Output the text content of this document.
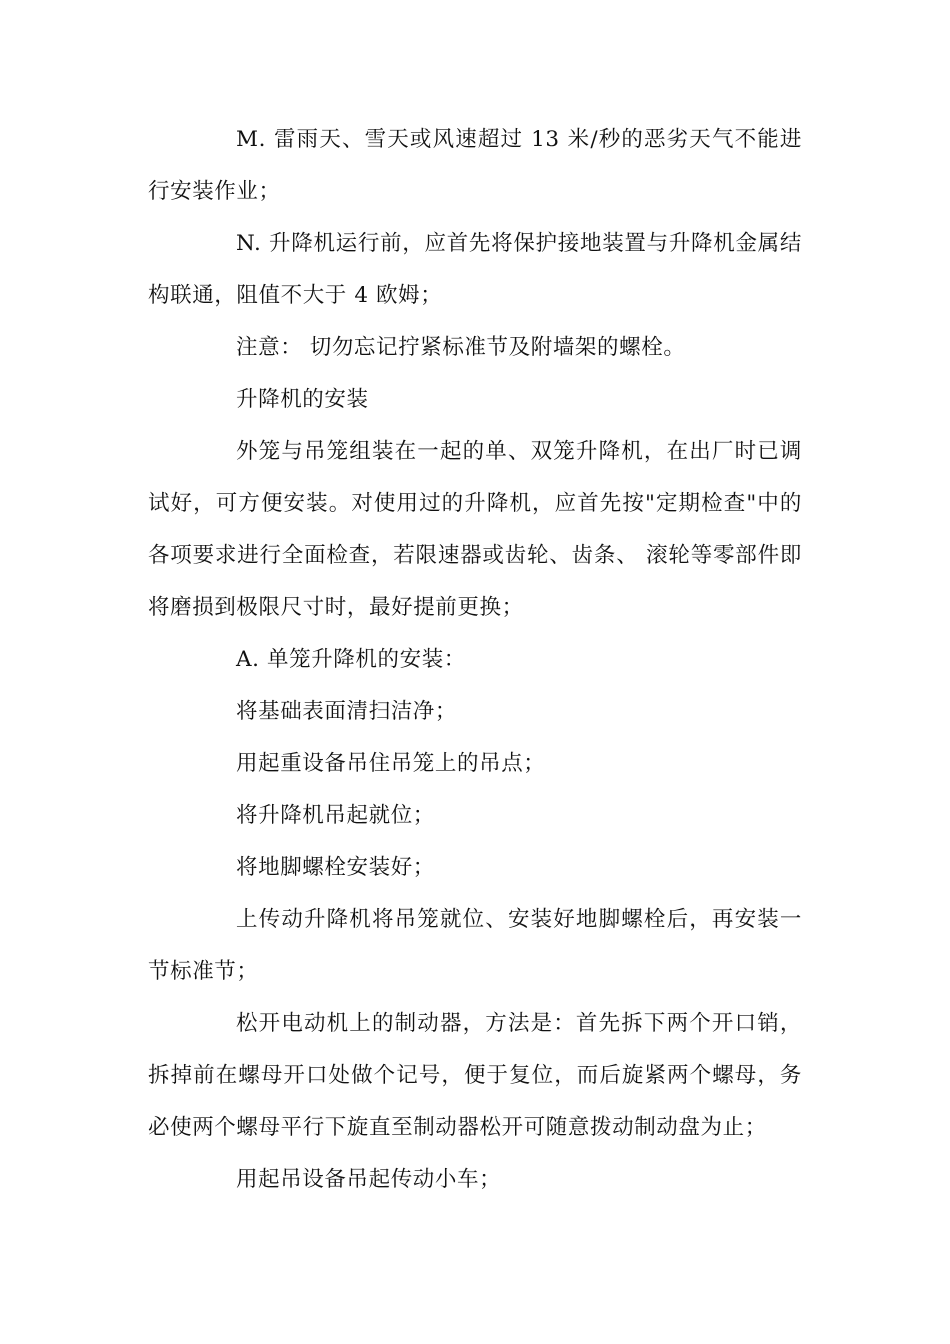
M. 雷雨天、雪天或风速超过 13 米/秒的恶劣天气不能进行安装作业；

N. 升降机运行前，应首先将保护接地装置与升降机金属结构联通，阻值不大于 4 欧姆；

注意： 切勿忘记拧紧标准节及附墙架的螺栓。

升降机的安装

外笼与吊笼组装在一起的单、双笼升降机，在出厂时已调试好，可方便安装。对使用过的升降机，应首先按"定期检查"中的各项要求进行全面检查，若限速器或齿轮、齿条、 滚轮等零部件即将磨损到极限尺寸时，最好提前更换；

A. 单笼升降机的安装：

将基础表面清扫洁净；

用起重设备吊住吊笼上的吊点；

将升降机吊起就位；

将地脚螺栓安装好；

上传动升降机将吊笼就位、安装好地脚螺栓后，再安装一节标准节；

松开电动机上的制动器，方法是：首先拆下两个开口销，拆掉前在螺母开口处做个记号，便于复位，而后旋紧两个螺母，务必使两个螺母平行下旋直至制动器松开可随意拨动制动盘为止；

用起吊设备吊起传动小车；
